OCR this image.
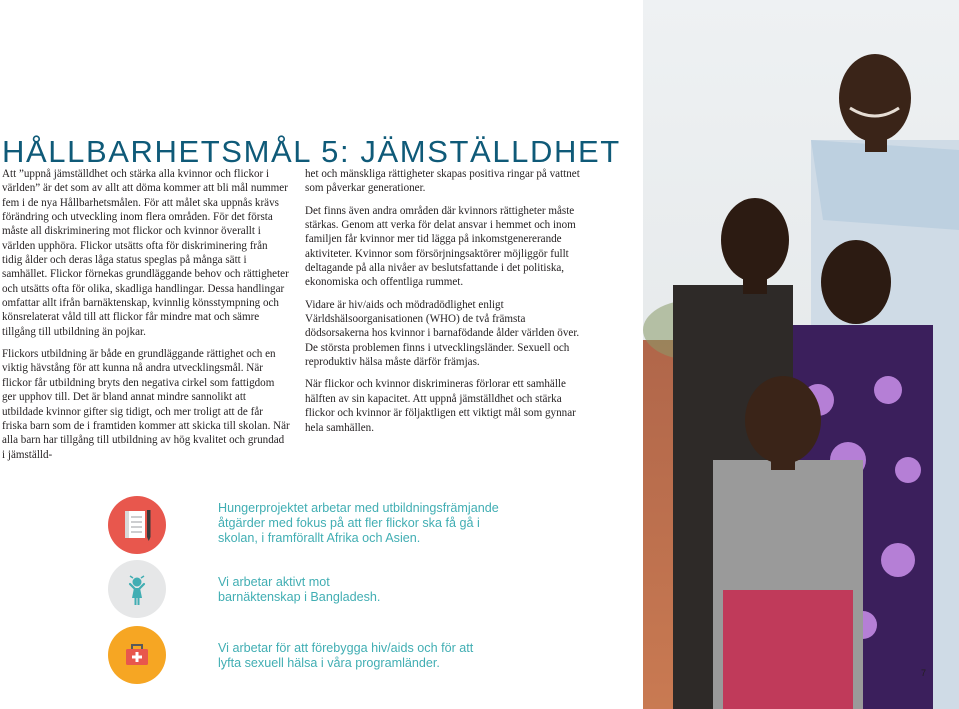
HÅLLBARHETSMÅL 5: JÄMSTÄLLDHET

Att ”uppnå jämställdhet och stärka alla kvinnor och flickor i världen” är det som av allt att döma kommer att bli mål nummer fem i de nya Hållbarhetsmålen. För att målet ska uppnås krävs förändring och utveckling inom flera områden. För det första måste all diskriminering mot flickor och kvinnor överallt i världen upphöra. Flickor utsätts ofta för diskriminering från tidig ålder och deras låga status speglas på många sätt i samhället. Flickor förnekas grundläggande behov och rättigheter och utsätts ofta för olika, skadliga handlingar. Dessa handlingar omfattar allt ifrån barnäktenskap, kvinnlig könsstympning och könsrelaterat våld till att flickor får mindre mat och sämre tillgång till utbildning än pojkar.

Flickors utbildning är både en grundläggande rättighet och en viktig hävstång för att kunna nå andra utvecklingsmål. När flickor får utbildning bryts den negativa cirkel som fattigdom ger upphov till. Det är bland annat mindre sannolikt att utbildade kvinnor gifter sig tidigt, och mer troligt att de får friska barn som de i framtiden kommer att skicka till skolan. När alla barn har tillgång till utbildning av hög kvalitet och grundad i jämställd-

het och mänskliga rättigheter skapas positiva ringar på vattnet som påverkar generationer.

Det finns även andra områden där kvinnors rättigheter måste stärkas. Genom att verka för delat ansvar i hemmet och inom familjen får kvinnor mer tid lägga på inkomstgenererande aktiviteter. Kvinnor som försörjningsaktörer möjliggör fullt deltagande på alla nivåer av beslutsfattande i det politiska, ekonomiska och offentliga rummet.

Vidare är hiv/aids och mödradödlighet enligt Världshälsoorganisationen (WHO) de två främsta dödsorsakerna hos kvinnor i barnafödande ålder världen över. De största problemen finns i utvecklingsländer. Sexuell och reproduktiv hälsa måste därför främjas.

När flickor och kvinnor diskrimineras förlorar ett samhälle hälften av sin kapacitet. Att uppnå jämställdhet och stärka flickor och kvinnor är följaktligen ett viktigt mål som gynnar hela samhällen.

Hungerprojektet arbetar med utbildningsfrämjande
åtgärder med fokus på att fler flickor ska få gå i
skolan, i framförallt Afrika och Asien.
Vi arbetar aktivt mot
barnäktenskap i Bangladesh.
Vi arbetar för att förebygga hiv/aids och för att
lyfta sexuell hälsa i våra programländer.
7
